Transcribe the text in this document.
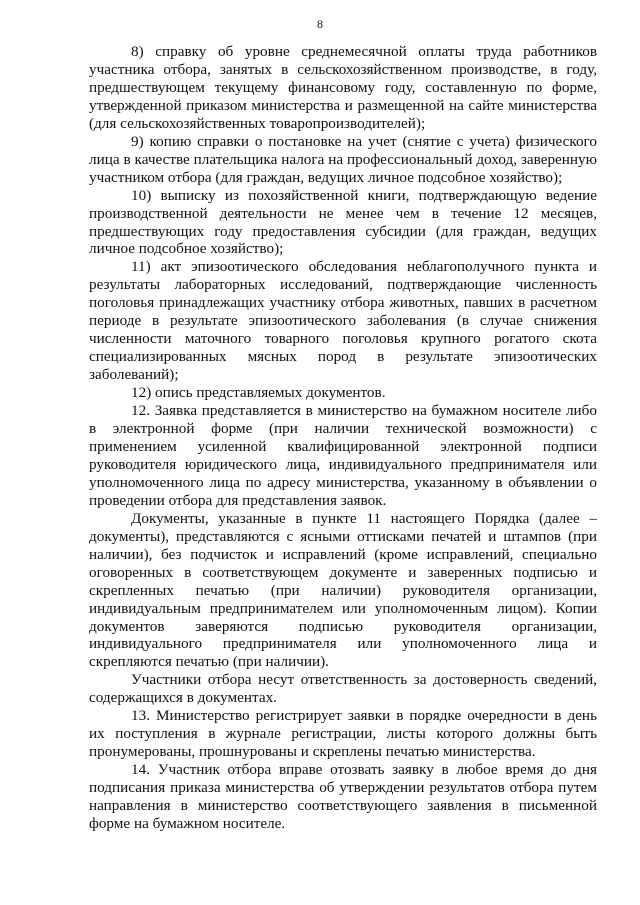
8

8) справку об уровне среднемесячной оплаты труда работников участника отбора, занятых в сельскохозяйственном производстве, в году, предшествующем текущему финансовому году, составленную по форме, утвержденной приказом министерства и размещенной на сайте министерства (для сельскохозяйственных товаропроизводителей);

9) копию справки о постановке на учет (снятие с учета) физического лица в качестве плательщика налога на профессиональный доход, заверенную участником отбора (для граждан, ведущих личное подсобное хозяйство);

10) выписку из похозяйственной книги, подтверждающую ведение производственной деятельности не менее чем в течение 12 месяцев, предшествующих году предоставления субсидии (для граждан, ведущих личное подсобное хозяйство);

11) акт эпизоотического обследования неблагополучного пункта и результаты лабораторных исследований, подтверждающие численность поголовья принадлежащих участнику отбора животных, павших в расчетном периоде в результате эпизоотического заболевания (в случае снижения численности маточного товарного поголовья крупного рогатого скота специализированных мясных пород в результате эпизоотических заболеваний);

12) опись представляемых документов.

12. Заявка представляется в министерство на бумажном носителе либо в электронной форме (при наличии технической возможности) с применением усиленной квалифицированной электронной подписи руководителя юридического лица, индивидуального предпринимателя или уполномоченного лица по адресу министерства, указанному в объявлении о проведении отбора для представления заявок.

Документы, указанные в пункте 11 настоящего Порядка (далее – документы), представляются с ясными оттисками печатей и штампов (при наличии), без подчисток и исправлений (кроме исправлений, специально оговоренных в соответствующем документе и заверенных подписью и скрепленных печатью (при наличии) руководителя организации, индивидуальным предпринимателем или уполномоченным лицом). Копии документов заверяются подписью руководителя организации, индивидуального предпринимателя или уполномоченного лица и скрепляются печатью (при наличии).

Участники отбора несут ответственность за достоверность сведений, содержащихся в документах.

13. Министерство регистрирует заявки в порядке очередности в день их поступления в журнале регистрации, листы которого должны быть пронумерованы, прошнурованы и скреплены печатью министерства.

14. Участник отбора вправе отозвать заявку в любое время до дня подписания приказа министерства об утверждении результатов отбора путем направления в министерство соответствующего заявления в письменной форме на бумажном носителе.
